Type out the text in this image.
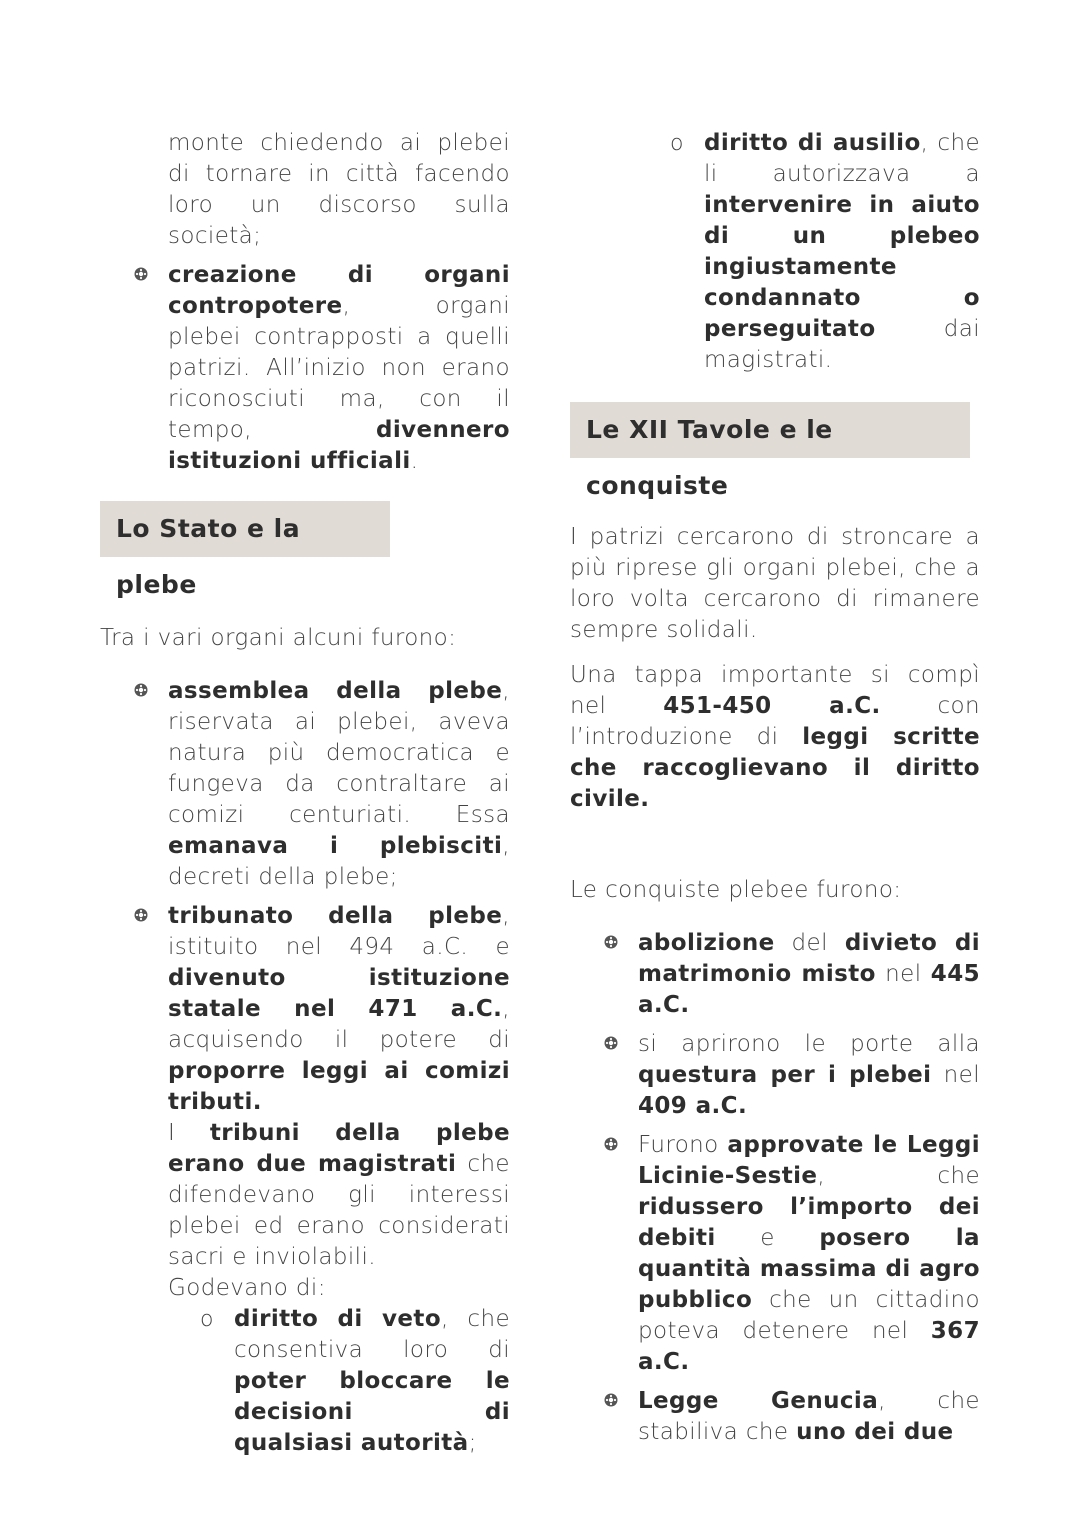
monte chiedendo ai plebei di tornare in città facendo loro un discorso sulla società;

creazione di organi contropotere, organi plebei contrapposti a quelli patrizi. All’inizio non erano riconosciuti ma, con il tempo, divennero istituzioni ufficiali.

Lo Stato e la plebe

Tra i vari organi alcuni furono:

assemblea della plebe, riservata ai plebei, aveva natura più democratica e fungeva da contraltare ai comizi centuriati. Essa emanava i plebisciti, decreti della plebe;

tribunato della plebe, istituito nel 494 a.C. e divenuto istituzione statale nel 471 a.C., acquisendo il potere di proporre leggi ai comizi tributi.

I tribuni della plebe erano due magistrati che difendevano gli interessi plebei ed erano considerati sacri e inviolabili.

Godevano di:

o diritto di veto, che consentiva loro di poter bloccare le decisioni di qualsiasi autorità;

o diritto di ausilio, che li autorizzava a intervenire in aiuto di un plebeo ingiustamente condannato o perseguitato dai magistrati.

Le XII Tavole e le conquiste

I patrizi cercarono di stroncare a più riprese gli organi plebei, che a loro volta cercarono di rimanere sempre solidali.

Una tappa importante si compì nel 451-450 a.C. con l’introduzione di leggi scritte che raccoglievano il diritto civile.

Le conquiste plebee furono:

abolizione del divieto di matrimonio misto nel 445 a.C.

si aprirono le porte alla questura per i plebei nel 409 a.C.

Furono approvate le Leggi Licinie-Sestie, che ridussero l’importo dei debiti e posero la quantità massima di agro pubblico che un cittadino poteva detenere nel 367 a.C.

Legge Genucia, che stabiliva che uno dei due
